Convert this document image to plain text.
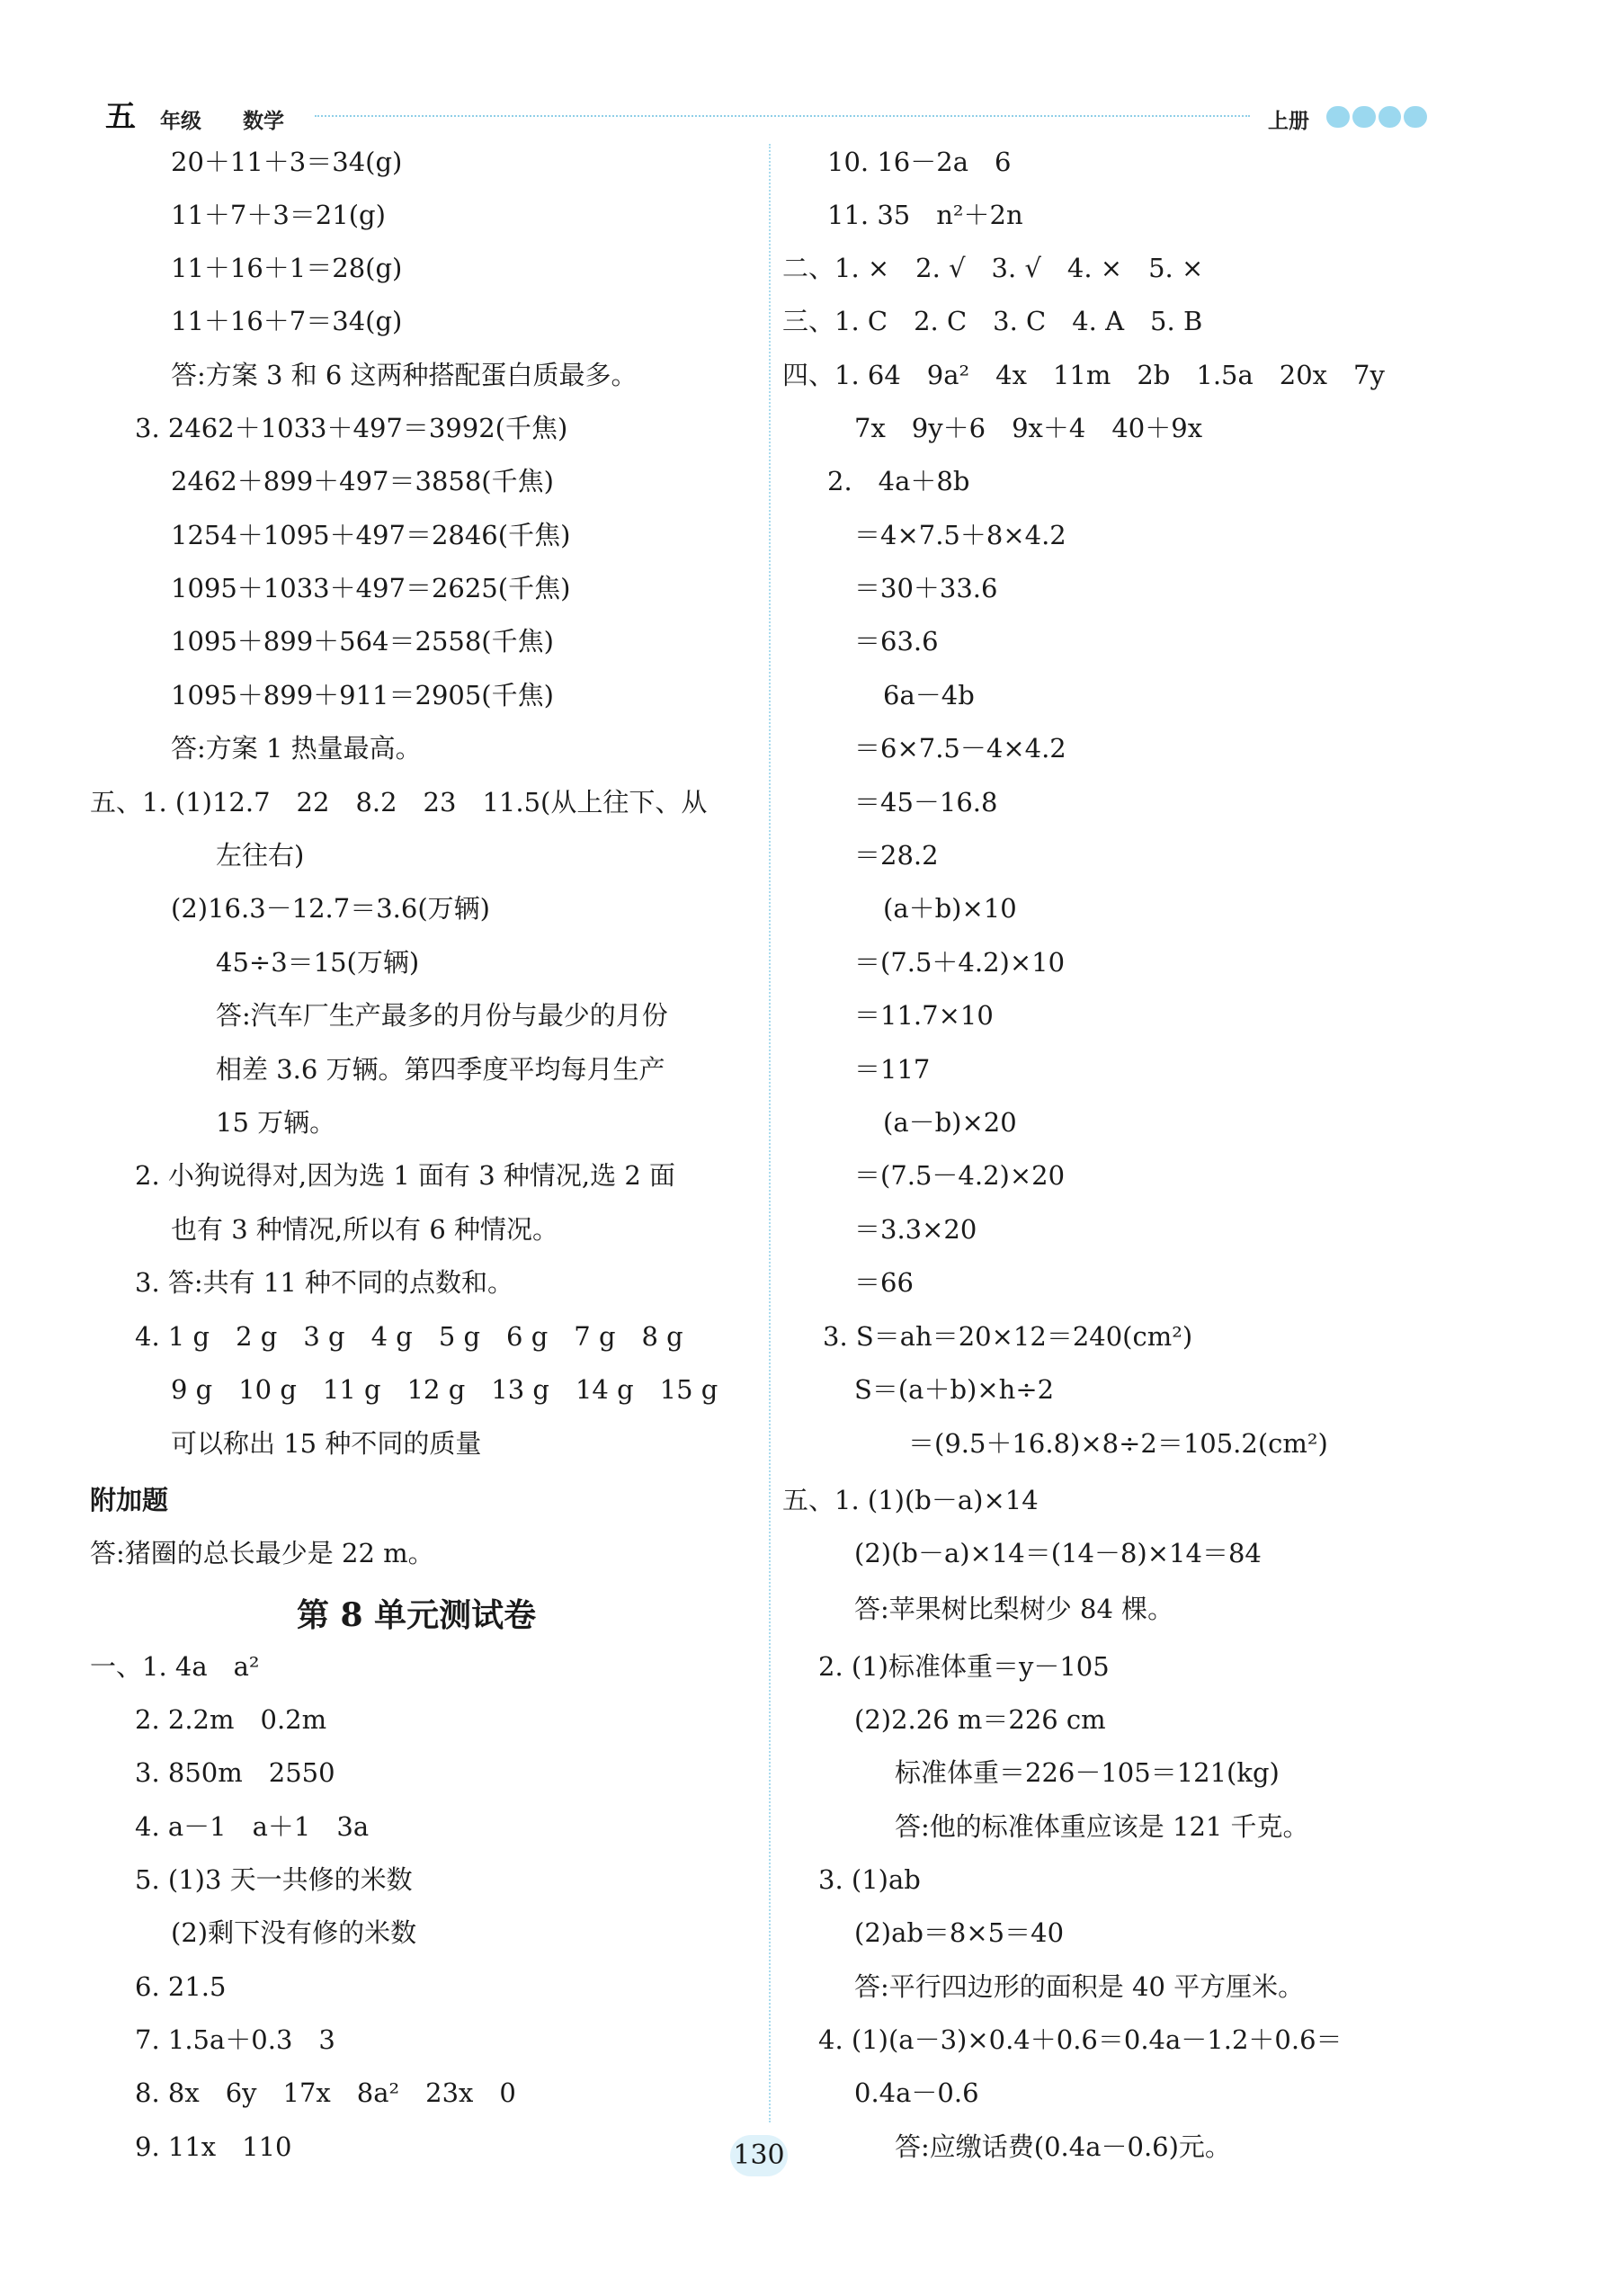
五 年级 数学	上册
20＋11＋3＝34(g)
11＋7＋3＝21(g)
11＋16＋1＝28(g)
11＋16＋7＝34(g)
答:方案 3 和 6 这两种搭配蛋白质最多。
3. 2462＋1033＋497＝3992(千焦)
2462＋899＋497＝3858(千焦)
1254＋1095＋497＝2846(千焦)
1095＋1033＋497＝2625(千焦)
1095＋899＋564＝2558(千焦)
1095＋899＋911＝2905(千焦)
答:方案 1 热量最高。
五、1. (1)12.7　22　8.2　23　11.5(从上往下、从
左往右)
(2)16.3－12.7＝3.6(万辆)
45÷3＝15(万辆)
答:汽车厂生产最多的月份与最少的月份
相差 3.6 万辆。第四季度平均每月生产
15 万辆。
2. 小狗说得对,因为选 1 面有 3 种情况,选 2 面
也有 3 种情况,所以有 6 种情况。
3. 答:共有 11 种不同的点数和。
4. 1 g　2 g　3 g　4 g　5 g　6 g　7 g　8 g
9 g　10 g　11 g　12 g　13 g　14 g　15 g
可以称出 15 种不同的质量
附加题
答:猪圈的总长最少是 22 m。
第 8 单元测试卷
一、1. 4a　a²
2. 2.2m　0.2m
3. 850m　2550
4. a－1　a＋1　3a
5. (1)3 天一共修的米数
(2)剩下没有修的米数
6. 21.5
7. 1.5a＋0.3　3
8. 8x　6y　17x　8a²　23x　0
9. 11x　110
10. 16－2a　6
11. 35　n²＋2n
二、1. ×　2. √　3. √　4. ×　5. ×
三、1. C　2. C　3. C　4. A　5. B
四、1. 64　9a²　4x　11m　2b　1.5a　20x　7y
7x　9y＋6　9x＋4　40＋9x
2.　4a＋8b
＝4×7.5＋8×4.2
＝30＋33.6
＝63.6
6a－4b
＝6×7.5－4×4.2
＝45－16.8
＝28.2
(a＋b)×10
＝(7.5＋4.2)×10
＝11.7×10
＝117
(a－b)×20
＝(7.5－4.2)×20
＝3.3×20
＝66
3. S＝ah＝20×12＝240(cm²)
S＝(a＋b)×h÷2
＝(9.5＋16.8)×8÷2＝105.2(cm²)
五、1. (1)(b－a)×14
(2)(b－a)×14＝(14－8)×14＝84
答:苹果树比梨树少 84 棵。
2. (1)标准体重＝y－105
(2)2.26 m＝226 cm
标准体重＝226－105＝121(kg)
答:他的标准体重应该是 121 千克。
3. (1)ab
(2)ab＝8×5＝40
答:平行四边形的面积是 40 平方厘米。
4. (1)(a－3)×0.4＋0.6＝0.4a－1.2＋0.6＝
0.4a－0.6
答:应缴话费(0.4a－0.6)元。
130
